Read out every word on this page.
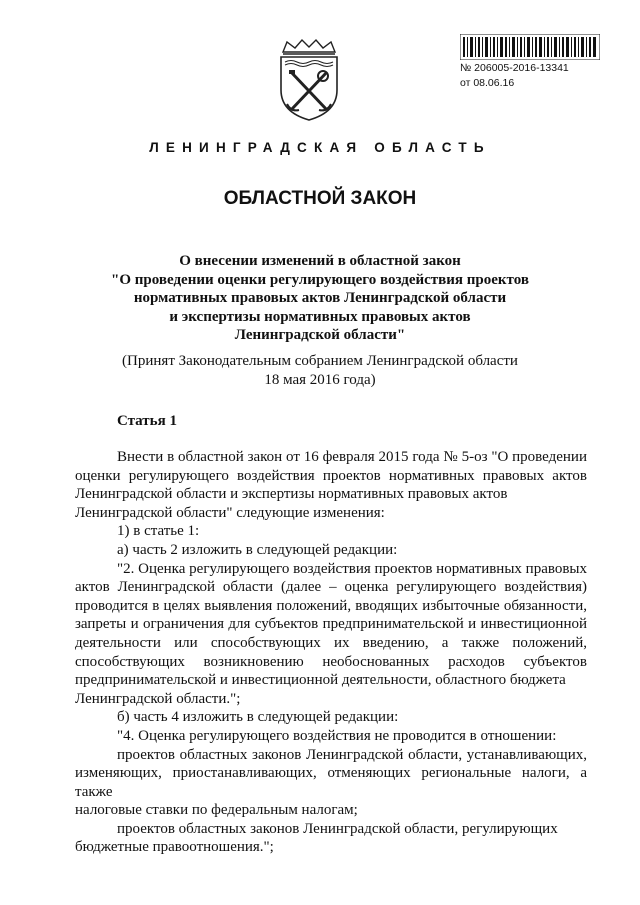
№ 206005-2016-13341
от 08.06.16
ЛЕНИНГРАДСКАЯ ОБЛАСТЬ
ОБЛАСТНОЙ ЗАКОН
О внесении изменений в областной закон
"О проведении оценки регулирующего воздействия проектов
нормативных правовых актов Ленинградской области
и экспертизы нормативных правовых актов
Ленинградской области"
(Принят Законодательным собранием Ленинградской области
18 мая 2016 года)
Статья 1

Внести в областной закон от 16 февраля 2015 года № 5-оз "О проведении оценки регулирующего воздействия проектов нормативных правовых актов Ленинградской области и экспертизы нормативных правовых актов

Ленинградской области" следующие изменения:

1) в статье 1:

а) часть 2 изложить в следующей редакции:

"2. Оценка регулирующего воздействия проектов нормативных правовых актов Ленинградской области (далее – оценка регулирующего воздействия) проводится в целях выявления положений, вводящих избыточные обязанности, запреты и ограничения для субъектов предпринимательской и инвестиционной деятельности или способствующих их введению, а также положений, способствующих возникновению необоснованных расходов субъектов предпринимательской и инвестиционной деятельности, областного бюджета

Ленинградской области.";

б) часть 4 изложить в следующей редакции:

"4. Оценка регулирующего воздействия не проводится в отношении:

проектов областных законов Ленинградской области, устанавливающих, изменяющих, приостанавливающих, отменяющих региональные налоги, а также

налоговые ставки по федеральным налогам;

проектов областных законов Ленинградской области, регулирующих

бюджетные правоотношения.";
